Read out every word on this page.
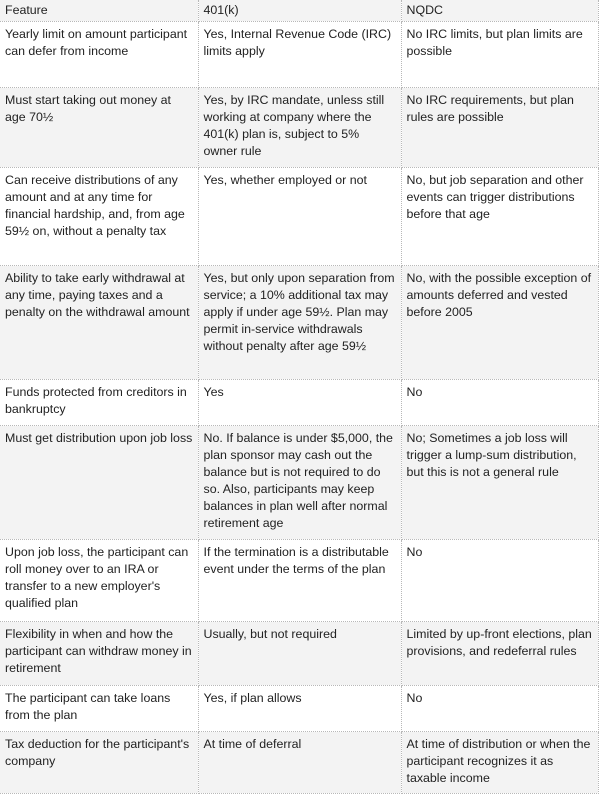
Feature	401(k)	NQDC
Yearly limit on amount participant can defer from income	Yes, Internal Revenue Code (IRC) limits apply	No IRC limits, but plan limits are possible
Must start taking out money at age 70½	Yes, by IRC mandate, unless still working at company where the 401(k) plan is, subject to 5% owner rule	No IRC requirements, but plan rules are possible
Can receive distributions of any amount and at any time for financial hardship, and, from age 59½ on, without a penalty tax	Yes, whether employed or not	No, but job separation and other events can trigger distributions before that age
Ability to take early withdrawal at any time, paying taxes and a penalty on the withdrawal amount	Yes, but only upon separation from service; a 10% additional tax may apply if under age 59½. Plan may permit in-service withdrawals without penalty after age 59½	No, with the possible exception of amounts deferred and vested before 2005
Funds protected from creditors in bankruptcy	Yes	No
Must get distribution upon job loss	No. If balance is under $5,000, the plan sponsor may cash out the balance but is not required to do so. Also, participants may keep balances in plan well after normal retirement age	No; Sometimes a job loss will trigger a lump-sum distribution, but this is not a general rule
Upon job loss, the participant can roll money over to an IRA or transfer to a new employer's qualified plan	If the termination is a distributable event under the terms of the plan	No
Flexibility in when and how the participant can withdraw money in retirement	Usually, but not required	Limited by up-front elections, plan provisions, and redeferral rules
The participant can take loans from the plan	Yes, if plan allows	No
Tax deduction for the participant's company	At time of deferral	At time of distribution or when the participant recognizes it as taxable income
